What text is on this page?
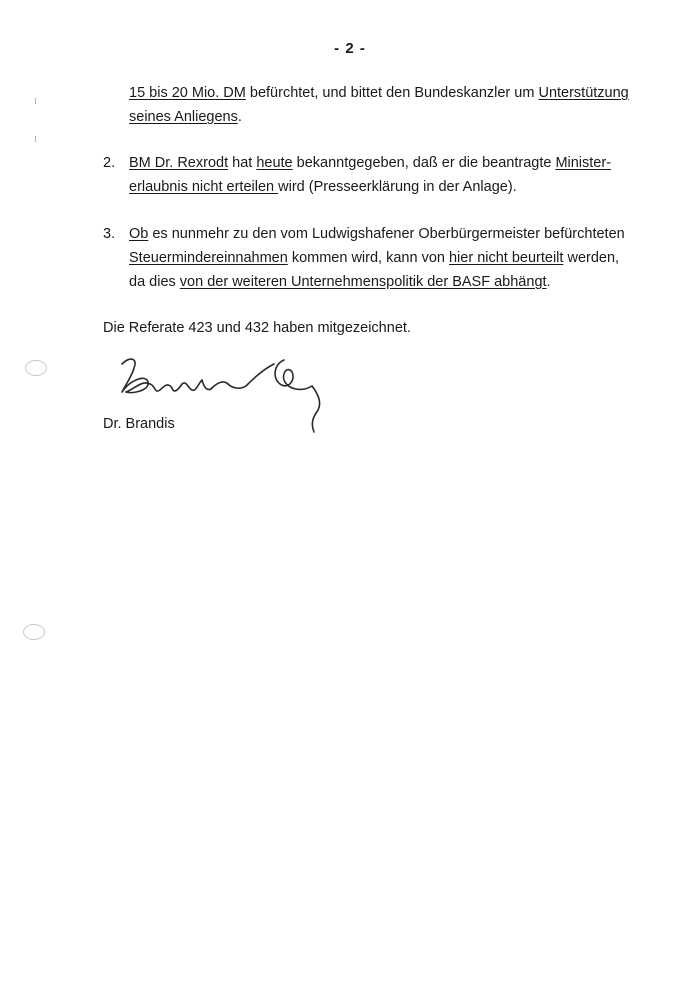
- 2 -

15 bis 20 Mio. DM befürchtet, und bittet den Bundeskanzler um Unterstützung
seines Anliegens.

2. BM Dr. Rexrodt hat heute bekanntgegeben, daß er die beantragte Minister-
erlaubnis nicht erteilen wird (Presseerklärung in der Anlage).

3. Ob es nunmehr zu den vom Ludwigshafener Oberbürgermeister befürchteten
Steuermindereinnahmen kommen wird, kann von hier nicht beurteilt werden,
da dies von der weiteren Unternehmenspolitik der BASF abhängt.

Die Referate 423 und 432 haben mitgezeichnet.

Dr. Brandis
